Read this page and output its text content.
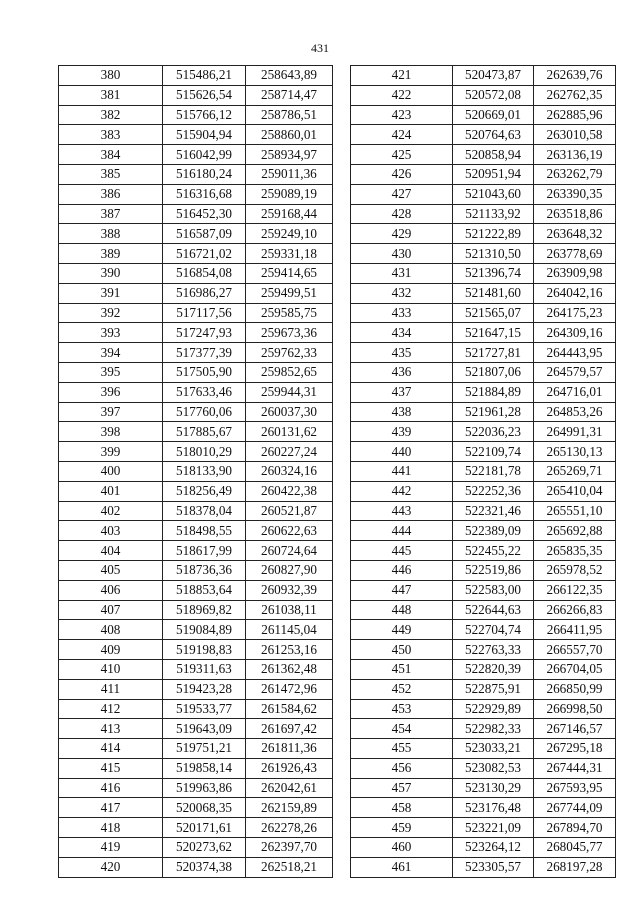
431
380	515486,21	258643,89
381	515626,54	258714,47
382	515766,12	258786,51
383	515904,94	258860,01
384	516042,99	258934,97
385	516180,24	259011,36
386	516316,68	259089,19
387	516452,30	259168,44
388	516587,09	259249,10
389	516721,02	259331,18
390	516854,08	259414,65
391	516986,27	259499,51
392	517117,56	259585,75
393	517247,93	259673,36
394	517377,39	259762,33
395	517505,90	259852,65
396	517633,46	259944,31
397	517760,06	260037,30
398	517885,67	260131,62
399	518010,29	260227,24
400	518133,90	260324,16
401	518256,49	260422,38
402	518378,04	260521,87
403	518498,55	260622,63
404	518617,99	260724,64
405	518736,36	260827,90
406	518853,64	260932,39
407	518969,82	261038,11
408	519084,89	261145,04
409	519198,83	261253,16
410	519311,63	261362,48
411	519423,28	261472,96
412	519533,77	261584,62
413	519643,09	261697,42
414	519751,21	261811,36
415	519858,14	261926,43
416	519963,86	262042,61
417	520068,35	262159,89
418	520171,61	262278,26
419	520273,62	262397,70
420	520374,38	262518,21
421	520473,87	262639,76
422	520572,08	262762,35
423	520669,01	262885,96
424	520764,63	263010,58
425	520858,94	263136,19
426	520951,94	263262,79
427	521043,60	263390,35
428	521133,92	263518,86
429	521222,89	263648,32
430	521310,50	263778,69
431	521396,74	263909,98
432	521481,60	264042,16
433	521565,07	264175,23
434	521647,15	264309,16
435	521727,81	264443,95
436	521807,06	264579,57
437	521884,89	264716,01
438	521961,28	264853,26
439	522036,23	264991,31
440	522109,74	265130,13
441	522181,78	265269,71
442	522252,36	265410,04
443	522321,46	265551,10
444	522389,09	265692,88
445	522455,22	265835,35
446	522519,86	265978,52
447	522583,00	266122,35
448	522644,63	266266,83
449	522704,74	266411,95
450	522763,33	266557,70
451	522820,39	266704,05
452	522875,91	266850,99
453	522929,89	266998,50
454	522982,33	267146,57
455	523033,21	267295,18
456	523082,53	267444,31
457	523130,29	267593,95
458	523176,48	267744,09
459	523221,09	267894,70
460	523264,12	268045,77
461	523305,57	268197,28
